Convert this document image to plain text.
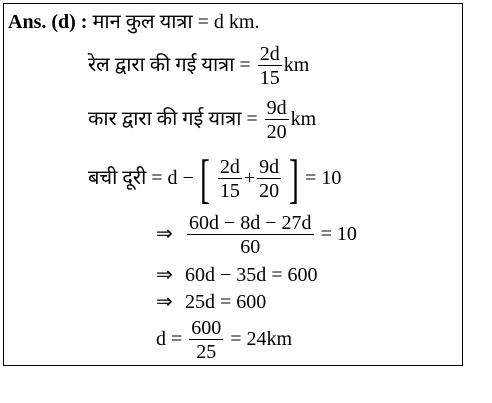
Ans. (d) : मान कुल यात्रा = d km.
रेल द्वारा की गई यात्रा = $\frac{2d}{15}$ km
कार द्वारा की गई यात्रा = $\frac{9d}{20}$ km
बची दूरी = d − [ $\frac{2d}{15} + \frac{9d}{20}$ ] = 10
⇒ $\frac{60d - 8d - 27d}{60} = 10$
⇒ 60d − 35d = 600
⇒ 25d = 600
$d = \frac{600}{25} = 24km$
